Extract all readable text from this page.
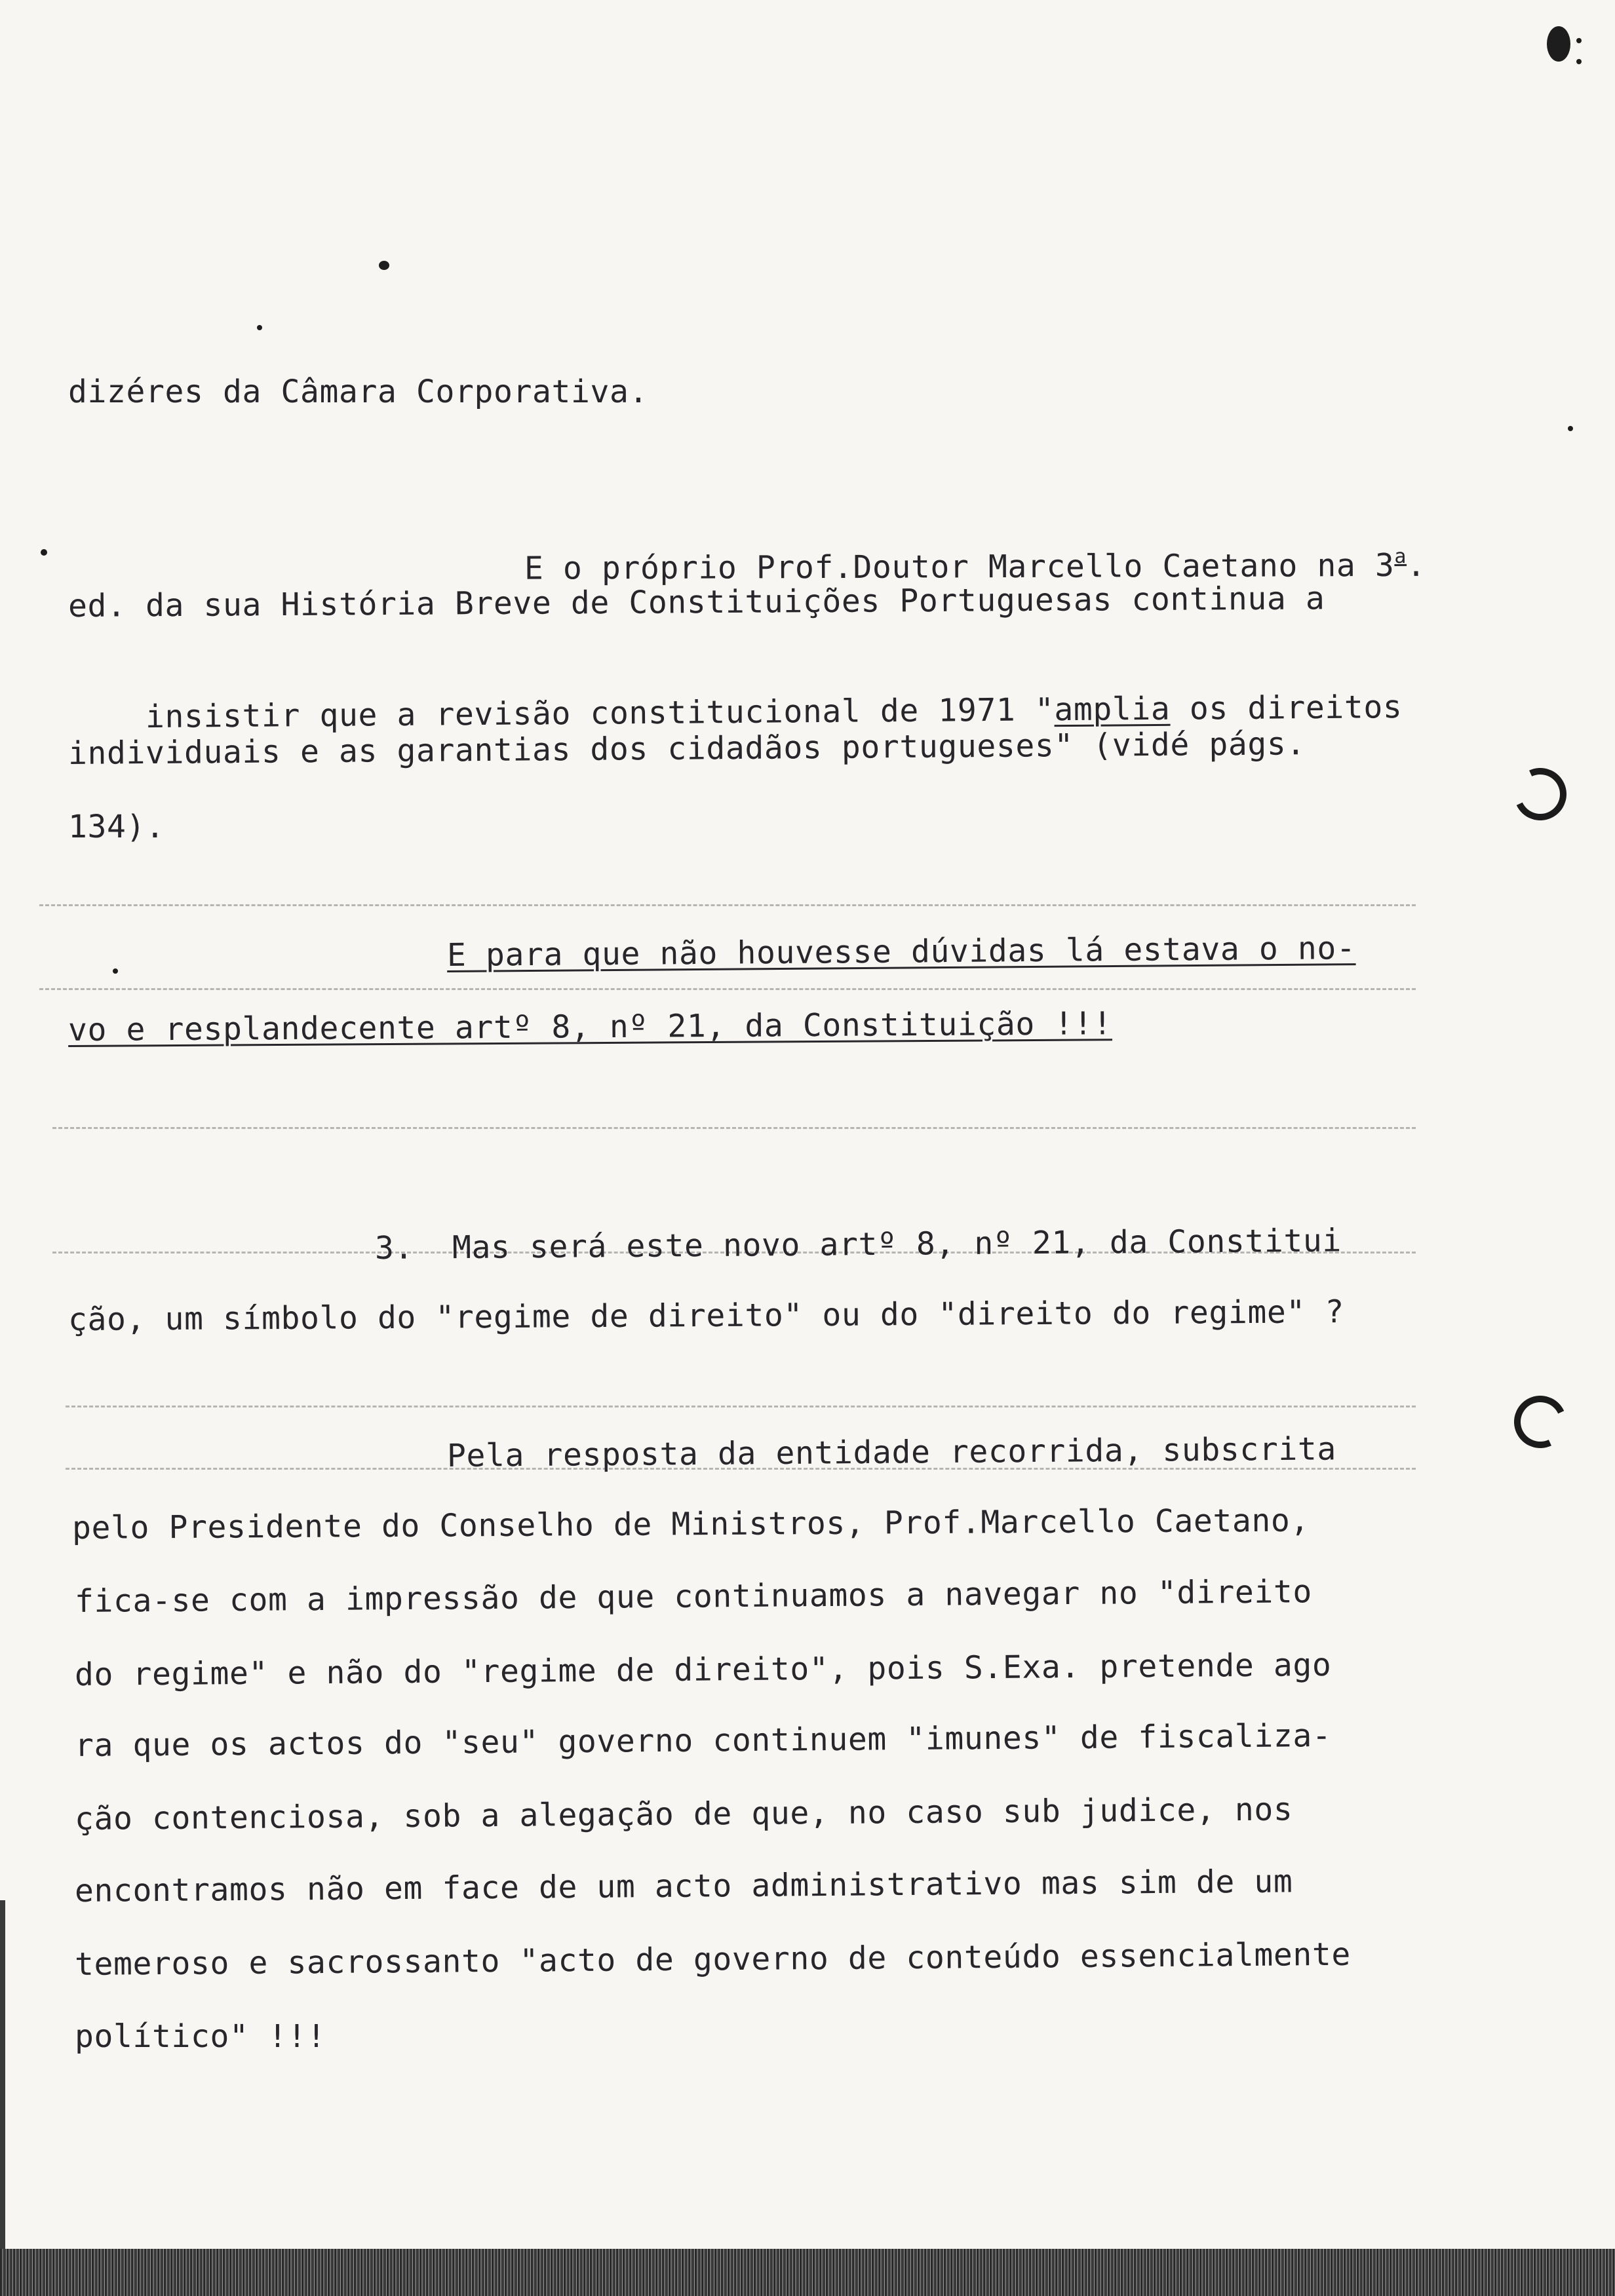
dizéres da Câmara Corporativa.

E o próprio Prof.Doutor Marcello Caetano na 3$^a$.

ed. da sua História Breve de Constituições Portuguesas continua a

insistir que a revisão constitucional de 1971 "amplia os direitos

individuais e as garantias dos cidadãos portugueses" (vidé págs.
134).
E para que não houvesse dúvidas lá estava o no-
vo e resplandecente artº 8, nº 21, da Constituição !!!
3.  Mas será este novo artº 8, nº 21, da Constitui
ção, um símbolo do "regime de direito" ou do "direito do regime" ?
Pela resposta da entidade recorrida, subscrita
pelo Presidente do Conselho de Ministros, Prof.Marcello Caetano,
fica-se com a impressão de que continuamos a navegar no "direito
do regime" e não do "regime de direito", pois S.Exa. pretende ago
ra que os actos do "seu" governo continuem "imunes" de fiscaliza-
ção contenciosa, sob a alegação de que, no caso sub judice, nos
encontramos não em face de um acto administrativo mas sim de um
temeroso e sacrossanto "acto de governo de conteúdo essencialmente
político" !!!
